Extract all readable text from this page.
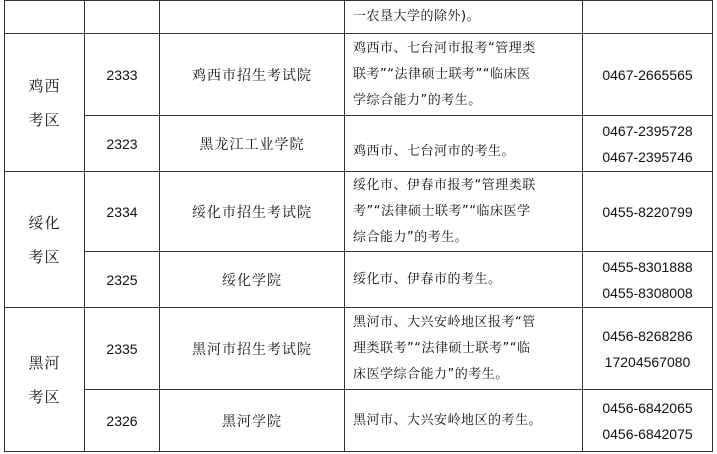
			一农垦大学的除外)。	

鸡西
考区	2333	鸡西市招生考试院	鸡西市、七台河市报考“管理类
联考”“法律硕士联考”“临床医
学综合能力”的考生。	0467-2665565

	2323	黑龙江工业学院	鸡西市、七台河市的考生。	0467-2395728
0467-2395746

绥化
考区	2334	绥化市招生考试院	绥化市、伊春市报考“管理类联
考”“法律硕士联考”“临床医学
综合能力”的考生。	0455-8220799

	2325	绥化学院	绥化市、伊春市的考生。	0455-8301888
0455-8308008

黑河
考区	2335	黑河市招生考试院	黑河市、大兴安岭地区报考“管
理类联考”“法律硕士联考”“临
床医学综合能力”的考生。	0456-8268286
17204567080

	2326	黑河学院	黑河市、大兴安岭地区的考生。	0456-6842065
0456-6842075
